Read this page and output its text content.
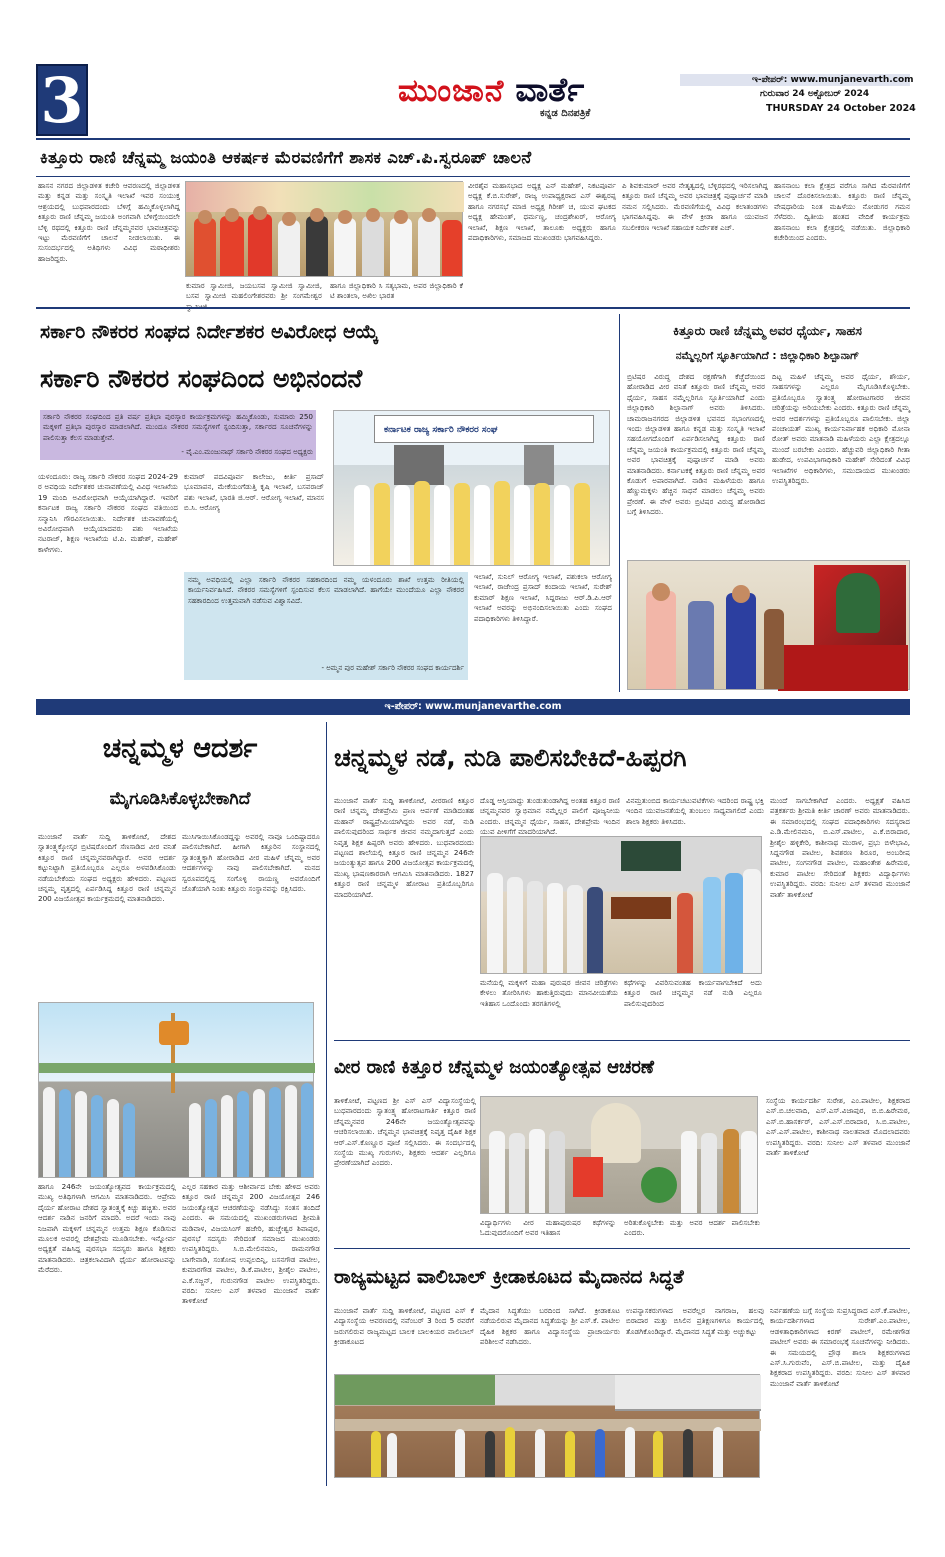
3	ಮುಂಜಾನೆ ವಾರ್ತೆ
ಕನ್ನಡ ದಿನಪತ್ರಿಕೆ
ಇ-ಪೇಪರ್: www.munjanevarth.com
ಗುರುವಾರ 24 ಅಕ್ಟೋಬರ್ 2024
THURSDAY 24 October 2024
ಕಿತ್ತೂರು ರಾಣಿ ಚೆನ್ನಮ್ಮ ಜಯಂತಿ ಆಕರ್ಷಕ ಮೆರವಣಿಗೆಗೆ ಶಾಸಕ ಎಚ್.ಪಿ.ಸ್ವರೂಪ್ ಚಾಲನೆ
ಹಾಸನ ನಗರದ ಜಿಲ್ಲಾಡಳಿತ ಕಚೇರಿ ಆವರಣದಲ್ಲಿ ಜಿಲ್ಲಾಡಳಿತ ಮತ್ತು ಕನ್ನಡ ಮತ್ತು ಸಂಸ್ಕೃತಿ ಇಲಾಖೆ ಇವರ ಸಂಯುಕ್ತ ಆಶ್ರಯದಲ್ಲಿ ಬುಧವಾರದಂದು ಬೆಳಿಗ್ಗೆ ಹಮ್ಮಿಕೊಳ್ಳಲಾಗಿದ್ದ ಕಿತ್ತೂರು ರಾಣಿ ಚೆನ್ನಮ್ಮ ಜಯಂತಿ ಅಂಗವಾಗಿ ಬೆಳಿಗ್ಗೆಯಿಂದಲೇ ಬೆಳ್ಳಿ ರಥದಲ್ಲಿ ಕಿತ್ತೂರು ರಾಣಿ ಚೆನ್ನಮ್ಮನವರ ಭಾವಚಿತ್ರವನ್ನು ಇಟ್ಟು ಮೆರವಣಿಗೆಗೆ ಚಾಲನೆ ನೀಡಲಾಯಿತು. ಈ ಸುಸಂದರ್ಭದಲ್ಲಿ ಅತಿಥಿಗಳು ವಿವಿಧ ಮಠಾಧೀಶರು ಹಾಜರಿದ್ದರು.
ಕುಮಾರ ಸ್ವಾಮೀಜಿ, ಜಯಬಸವ ಸ್ವಾಮೀಜಿ ಸ್ವಾಮೀಜಿ, ಬಸವ ಸ್ವಾಮೀಜಿ ಮಹಲಿಂಗೇಶರವರು ಶ್ರೀ ಸಂಗಮೇಶ್ವರ
ಹಾಗೂ ಜಿಲ್ಲಾಧಿಕಾರಿ ಸಿ ಸತ್ಯಭಾಮ, ಅಪರ ಜಿಲ್ಲಾಧಿಕಾರಿ ಕೆ ಟಿ ಶಾಂತಲಾ, ಅಖಿಲ ಭಾರತ
ವೀರಶೈವ ಮಹಾಸಭಾದ ಅಧ್ಯಕ್ಷ ಎನ್ ಮಹೇಶ್, ನಿಕಟಪೂರ್ವ ಅಧ್ಯಕ್ಷ ಕೆ.ಬಿ.ಸುರೇಶ್, ರಾಜ್ಯ ಉಪಾಧ್ಯಕ್ಷರಾದ ಎಸ್ ಈಶ್ವರಪ್ಪ ಹಾಗೂ ನಗರಸಭೆ ಮಾಜಿ ಅಧ್ಯಕ್ಷ ಗಿರೀಶ್ ಚ, ಯುವ ಘಟಕದ ಅಧ್ಯಕ್ಷ ಹೇಮಂತ್, ಧರ್ಮಣ್ಣ, ಚಂದ್ರಶೇಖರ್, ಆರೋಗ್ಯ ಇಲಾಖೆ, ಶಿಕ್ಷಣ ಇಲಾಖೆ, ತಾಲೂಕು ಅಧ್ಯಕ್ಷರು ಹಾಗೂ ಪದಾಧಿಕಾರಿಗಳು, ಸಮಾಜದ ಮುಖಂಡರು ಭಾಗವಹಿಸಿದ್ದರು.
ಪಿ ಶಿವಕುಮಾರ್ ಅವರ ನೇತೃತ್ವದಲ್ಲಿ ಬೆಳ್ಳಿರಥದಲ್ಲಿ ಇರಿಸಲಾಗಿದ್ದ ಕಿತ್ತೂರು ರಾಣಿ ಚೆನ್ನಮ್ಮ ಅವರ ಭಾವಚಿತ್ರಕ್ಕೆ ಪುಷ್ಪಾರ್ಚನೆ ಮಾಡಿ ನಮನ ಸಲ್ಲಿಸಿದರು. ಮೆರವಣಿಗೆಯಲ್ಲಿ ವಿವಿಧ ಕಲಾತಂಡಗಳು ಭಾಗವಹಿಸಿದ್ದವು. ಈ ವೇಳೆ ಕ್ರೀಡಾ ಹಾಗೂ ಯುವಜನ ಸಬಲೀಕರಣ ಇಲಾಖೆ ಸಹಾಯಕ ನಿರ್ದೇಶಕ ಎಚ್.
ಹಾಸನಾಂಬ ಕಲಾ ಕ್ಷೇತ್ರದ ವರೆಗೂ ಸಾಗಿದ ಮೆರವಣಿಗೆಗೆ ಚಾಲನೆ ದೊರಕಿಸಲಾಯಿತು. ಕಿತ್ತೂರು ರಾಣಿ ಚೆನ್ನಮ್ಮ ವೇಷಧಾರಿಯ ನಿಂತ ಮಹಿಳೆಯು ನೋಡುಗರ ಗಮನ ಸೆಳೆದರು. ದ್ವಿತೀಯ ಹಂತದ ವೇದಿಕೆ ಕಾರ್ಯಕ್ರಮ ಹಾಸನಾಂಬ ಕಲಾ ಕ್ಷೇತ್ರದಲ್ಲಿ ನಡೆಯಿತು. ಜಿಲ್ಲಾಧಿಕಾರಿ ಕಚೇರಿಯಿಂದ ಎಂದರು.
ಸರ್ಕಾರಿ ನೌಕರರ ಸಂಘದ ನಿರ್ದೇಶಕರ ಅವಿರೋಧ ಆಯ್ಕೆ
ಸರ್ಕಾರಿ ನೌಕರರ ಸಂಘದಿಂದ ಅಭಿನಂದನೆ
ಸರ್ಕಾರಿ ನೌಕರರ ಸಂಘದಿಂದ ಪ್ರತಿ ವರ್ಷ ಪ್ರತಿಭಾ ಪುರಸ್ಕಾರ ಕಾರ್ಯಕ್ರಮಗಳನ್ನು ಹಮ್ಮಿಕೊಂಡು, ಸುಮಾರು 250 ಮಕ್ಕಳಿಗೆ ಪ್ರತಿಭಾ ಪುರಸ್ಕಾರ ಮಾಡಲಾಗಿದೆ. ಮುಂದೂ ನೌಕರರ ಸಮಸ್ಯೆಗಳಿಗೆ ಸ್ಪಂದಿಸುತ್ತಾ, ಸರ್ಕಾರದ ಸೂಚನೆಗಳನ್ನು ಪಾಲಿಸುತ್ತಾ ಕೆಲಸ ಮಾಡುತ್ತೇವೆ.
- ವೈ.ಎಂ.ಮಂಜುನಾಥ್ ಸರ್ಕಾರಿ ನೌಕರರ ಸಂಘದ ಅಧ್ಯಕ್ಷರು
ಕರ್ನಾಟಕ ರಾಜ್ಯ ಸರ್ಕಾರಿ ನೌಕರರ ಸಂಘ
ಯಳಂದೂರು: ರಾಜ್ಯ ಸರ್ಕಾರಿ ನೌಕರರ ಸಂಘದ 2024-29 ರ ಅವಧಿಯ ನಿರ್ದೇಶಕರ ಚುನಾವಣೆಯಲ್ಲಿ ವಿವಿಧ ಇಲಾಖೆಯ 19 ಮಂದಿ ಅವಿರೋಧವಾಗಿ ಆಯ್ಕೆಯಾಗಿದ್ದಾರೆ. ಇವರಿಗೆ ಕರ್ನಾಟಕ ರಾಜ್ಯ ಸರ್ಕಾರಿ ನೌಕರರ ಸಂಘದ ವತಿಯಿಂದ ಸನ್ಮಾನಿಸಿ ಗೌರವಿಸಲಾಯಿತು. ನಿರ್ದೇಶಕ ಚುನಾವಣೆಯಲ್ಲಿ ಅವಿರೋಧವಾಗಿ ಆಯ್ಕೆಯಾದವರು ಪಶು ಇಲಾಖೆಯ ನಟರಾಜ್, ಶಿಕ್ಷಣ ಇಲಾಖೆಯ ಟಿ.ಪಿ. ಮಹೇಶ್, ಮಹೇಶ್ ಕಾಳೇಗಳು.
ಕುಮಾರ್ ಪದವಿಪೂರ್ವ ಕಾಲೇಜು, ಕೀರ್ತಿ ಪ್ರಸಾದ್ ಭೂಮಾಪನ, ಮೇಕೆಯಂಗೆಡುತ್ತಿ ಕೃಷಿ ಇಲಾಖೆ, ಬಸವರಾಜ್ ಪಶು ಇಲಾಖೆ, ಭಾರತಿ ಜಿ.ಆರ್. ಆರೋಗ್ಯ ಇಲಾಖೆ, ಮಾನಸ ಬಿ.ಸಿ. ಆರೋಗ್ಯ
ನಮ್ಮ ಅವಧಿಯಲ್ಲಿ ಎಲ್ಲಾ ಸರ್ಕಾರಿ ನೌಕರರ ಸಹಕಾರದಿಂದ ನಮ್ಮ ಯಳಂದೂರು ಶಾಖೆ ಉತ್ತಮ ರೀತಿಯಲ್ಲಿ ಕಾರ್ಯನಿರ್ವಹಿಸಿದೆ. ನೌಕರರ ಸಮಸ್ಯೆಗಳಿಗೆ ಸ್ಪಂದಿಸುವ ಕೆಲಸ ಮಾಡಲಾಗಿದೆ. ಹಾಗೆಯೇ ಮುಂದೆಯೂ ಎಲ್ಲಾ ನೌಕರರ ಸಹಕಾರದಿಂದ ಉತ್ತಮವಾಗಿ ನಡೆಸುವ ವಿಶ್ವಾಸವಿದೆ.
- ಅಮ್ಮನ ಪುರ ಮಹೇಶ್ ಸರ್ಕಾರಿ ನೌಕರರ ಸಂಘದ ಕಾರ್ಯದರ್ಶಿ
ಇಲಾಖೆ, ಸುನಿಲ್ ಆರೋಗ್ಯ ಇಲಾಖೆ, ಪಶುಕಲಾ ಆರೋಗ್ಯ ಇಲಾಖೆ, ರಾಜೇಂದ್ರ ಪ್ರಸಾದ್ ಕಂದಾಯ ಇಲಾಖೆ, ಸುರೇಶ್ ಕುಮಾರ್ ಶಿಕ್ಷಣ ಇಲಾಖೆ, ಸಿದ್ದರಾಜು ಆರ್.ಡಿ.ಪಿ.ಆರ್ ಇಲಾಖೆ ಅವರನ್ನು ಅಭಿನಂದಿಸಲಾಯಿತು ಎಂದು ಸಂಘದ ಪದಾಧಿಕಾರಿಗಳು ತಿಳಿಸಿದ್ದಾರೆ.
ಕಿತ್ತೂರು ರಾಣಿ ಚೆನ್ನಮ್ಮ ಅವರ ಧೈರ್ಯ, ಸಾಹಸ
ನಮ್ಮೆಲ್ಲರಿಗೆ ಸ್ಫೂರ್ತಿಯಾಗಿದೆ : ಜಿಲ್ಲಾಧಿಕಾರಿ ಶಿಲ್ಪಾನಾಗ್
ಬ್ರಿಟಿಷರ ವಿರುದ್ಧ ದೇಶದ ರಕ್ಷಣೆಗಾಗಿ ಕೆಚ್ಚೆದೆಯಿಂದ ಹೋರಾಡಿದ ವೀರ ವನಿತೆ ಕಿತ್ತೂರು ರಾಣಿ ಚೆನ್ನಮ್ಮ ಅವರ ಧೈರ್ಯ, ಸಾಹಸ ನಮ್ಮೆಲ್ಲರಿಗೂ ಸ್ಫೂರ್ತಿಯಾಗಿದೆ ಎಂದು ಜಿಲ್ಲಾಧಿಕಾರಿ ಶಿಲ್ಪಾನಾಗ್ ಅವರು ತಿಳಿಸಿದರು. ಚಾಮರಾಜನಗರದ ಜಿಲ್ಲಾಡಳಿತ ಭವನದ ಸಭಾಂಗಣದಲ್ಲಿ ಇಂದು ಜಿಲ್ಲಾಡಳಿತ ಹಾಗೂ ಕನ್ನಡ ಮತ್ತು ಸಂಸ್ಕೃತಿ ಇಲಾಖೆ ಸಹಯೋಗದೊಂದಿಗೆ ಏರ್ಪಡಿಸಲಾಗಿದ್ದ ಕಿತ್ತೂರು ರಾಣಿ ಚೆನ್ನಮ್ಮ ಜಯಂತಿ ಕಾರ್ಯಕ್ರಮದಲ್ಲಿ ಕಿತ್ತೂರು ರಾಣಿ ಚೆನ್ನಮ್ಮ ಅವರ ಭಾವಚಿತ್ರಕ್ಕೆ ಪುಷ್ಪಾರ್ಚನೆ ಮಾಡಿ ಅವರು ಮಾತನಾಡಿದರು. ಕರ್ನಾಟಕಕ್ಕೆ ಕಿತ್ತೂರು ರಾಣಿ ಚೆನ್ನಮ್ಮ ಅವರ ಕೊಡುಗೆ ಅಪಾರವಾಗಿದೆ. ನಾಡಿನ ಮಹಿಳೆಯರು ಹಾಗೂ ಹೆಣ್ಣುಮಕ್ಕಳು ಹೆಚ್ಚಿನ ಸಾಧನೆ ಮಾಡಲು ಚೆನ್ನಮ್ಮ ಅವರು ಪ್ರೇರಣೆ. ಈ ವೇಳೆ ಅವರು ಬ್ರಿಟಿಷರ ವಿರುದ್ಧ ಹೋರಾಡಿದ ಬಗ್ಗೆ ತಿಳಿಸಿದರು.
ದಿಟ್ಟ ಮಹಿಳೆ ಚೆನ್ನಮ್ಮ ಅವರ ಧೈರ್ಯ, ಶೌರ್ಯ, ಸಾಹಸಗಳನ್ನು ಎಲ್ಲರೂ ಮೈಗೂಡಿಸಿಕೊಳ್ಳಬೇಕು. ಪ್ರತಿಯೊಬ್ಬರೂ ಸ್ವಾತಂತ್ರ್ಯ ಹೋರಾಟಗಾರರ ಜೀವನ ಚರಿತ್ರೆಯನ್ನು ಅರಿಯಬೇಕು ಎಂದರು. ಕಿತ್ತೂರು ರಾಣಿ ಚೆನ್ನಮ್ಮ ಅವರ ಆದರ್ಶಗಳನ್ನು ಪ್ರತಿಯೊಬ್ಬರೂ ಪಾಲಿಸಬೇಕು. ಜಿಲ್ಲಾ ಪಂಚಾಯತ್ ಮುಖ್ಯ ಕಾರ್ಯನಿರ್ವಾಹಕ ಅಧಿಕಾರಿ ಮೋನಾ ರೋತ್ ಅವರು ಮಾತನಾಡಿ ಮಹಿಳೆಯರು ಎಲ್ಲಾ ಕ್ಷೇತ್ರದಲ್ಲೂ ಮುಂದೆ ಬರಬೇಕು ಎಂದರು. ಹೆಚ್ಚುವರಿ ಜಿಲ್ಲಾಧಿಕಾರಿ ಗೀತಾ ಹುಡೇದ, ಉಪವಿಭಾಗಾಧಿಕಾರಿ ಮಹೇಶ್ ಸೇರಿದಂತೆ ವಿವಿಧ ಇಲಾಖೆಗಳ ಅಧಿಕಾರಿಗಳು, ಸಮುದಾಯದ ಮುಖಂಡರು ಉಪಸ್ಥಿತರಿದ್ದರು.
ಇ-ಪೇಪರ್: www.munjanevarthe.com
ಚನ್ನಮ್ಮಳ ಆದರ್ಶ
ಮೈಗೂಡಿಸಿಕೊಳ್ಳಬೇಕಾಗಿದೆ
ಮುಂಜಾನೆ ವಾರ್ತೆ ಸುದ್ದಿ ತಾಳಿಕೋಟೆ, ದೇಶದ ಸ್ವಾತಂತ್ರ್ಯಕ್ಕೋಸ್ಕರ ಬ್ರಿಟಿಷರೊಂದಿಗೆ ಸೆಣಸಾಡಿದ ವೀರ ವನಿತೆ ಕಿತ್ತೂರ ರಾಣಿ ಚನ್ನಮ್ಮನವರಾಗಿದ್ದಾರೆ. ಅವರ ಆದರ್ಶ ಕಟ್ಟುನಿಟ್ಟಾಗಿ ಪ್ರತಿಯೊಬ್ಬರೂ ಎಲ್ಲರೂ ಅಳವಡಿಸಿಕೊಂಡು ನಡೆಯಬೇಕೆಂದು ಸಂಘದ ಅಧ್ಯಕ್ಷರು ಹೇಳಿದರು. ಪಟ್ಟಣದ ಚನ್ನಮ್ಮ ವೃತ್ತದಲ್ಲಿ ಏರ್ಪಡಿಸಿದ್ದ ಕಿತ್ತೂರ ರಾಣಿ ಚನ್ನಮ್ಮನ 200 ವಿಜಯೋತ್ಸವ ಕಾರ್ಯಕ್ರಮದಲ್ಲಿ ಮಾತನಾಡಿದರು.
ಮುಸಿಗಾಯಿಸಿಕೊಂಡದ್ದನ್ನು ಅವರಲ್ಲಿ ನಾವೂ ಒಂದಿಷ್ಟಾದರೂ ಪಾಲಿಸಬೇಕಾಗಿದೆ. ಹೀಗಾಗಿ ಕಿತ್ತೂರಿನ ಸಂಸ್ಥಾನದಲ್ಲಿ ಸ್ವಾತಂತ್ರ್ಯಕ್ಕಾಗಿ ಹೋರಾಡಿದ ವೀರ ಮಹಿಳೆ ಚೆನ್ನಮ್ಮ ಅವರ ಆದರ್ಶಗಳನ್ನು ನಾವು ಪಾಲಿಸಬೇಕಾಗಿದೆ. ಮನದ ಸ್ವರೂಪದಲ್ಲಿದ್ದ ಸಂಗೊಳ್ಳಿ ರಾಯಣ್ಣ ಅವರೊಂದಿಗೆ ಜೊತೆಯಾಗಿ ನಿಂತು ಕಿತ್ತೂರು ಸಂಸ್ಥಾನವನ್ನು ರಕ್ಷಿಸಿದರು.
ಹಾಗೂ 246ನೇ ಜಯಂತ್ಯೋತ್ಸವದ ಕಾರ್ಯಕ್ರಮದಲ್ಲಿ ಮುಖ್ಯ ಅತಿಥಿಗಳಾಗಿ ಆಗಮಿಸಿ ಮಾತನಾಡಿದರು. ಆಪ್ರೇಮ ದೈರ್ಯ ಹೋರಾಟ ದೇಶದ ಸ್ವಾತಂತ್ರ್ಯಕ್ಕೆ ಕಿಚ್ಚು ಹಚ್ಚಿತು. ಅವರ ಆದರ್ಶ ನಾಡಿನ ಜನರಿಗೆ ಮಾದರಿ. ಅದರೆ ಇಂದು ನಾವು ನಿಜವಾಗಿ ಮಕ್ಕಳಿಗೆ ಚನ್ನಮ್ಮನ ಉತ್ತಮ ಶಿಕ್ಷಣ ಕೊಡಿಸುವ ಮೂಲಕ ಅವರಲ್ಲಿ ದೇಶಪ್ರೇಮ ಮೂಡಿಸಬೇಕು. ಇನ್ನೋರ್ವ ಅಧ್ಯಕ್ಷತೆ ವಹಿಸಿದ್ದ ಪುರಸಭಾ ಸದಸ್ಯರು ಹಾಗೂ ಶಿಕ್ಷಕರು ಮಾತನಾಡಿದರು. ಚಿತ್ರಕಲಾವಿದಾಗಿ ಧೈರ್ಯ ಹೋರಾಟವನ್ನು ಮೆರೆದರು.
ಎಲ್ಲರ ಸಹಕಾರ ಮತ್ತು ಆಶೀರ್ವಾದ ಬೇಕು ಹೇಳಿದ ಅವರು ಕಿತ್ತೂರ ರಾಣಿ ಚನ್ನಮ್ಮನ 200 ವಿಜಯೋತ್ಸವ 246 ಜಯಂತ್ಯೋತ್ಸವ ಆಚರಣೆಯನ್ನು ನಡೆಸಿದ್ದು ಸಂತಸ ತಂದಿದೆ ಎಂದರು. ಈ ಸಮಯದಲ್ಲಿ ಮುಖಂಡರುಗಳಾದ ಶ್ರೀಮತಿ ಮಡಿವಾಳ, ವಿಜಯಸಿಂಗ್ ಹಜೇರಿ, ಹುಚ್ಚೇಶ್ವರ ಶಿವಾಪುರ, ಪುರಸಭೆ ಸದಸ್ಯರು ಸೇರಿದಂತೆ ಸಮಾಜದ ಮುಖಂಡರು ಉಪಸ್ಥಿತರಿದ್ದರು. ಸಿ.ಬಿ.ಮೇಲಿನಮನಿ, ರಾಮನಗೌಡ ಬಾಗೇವಾಡಿ, ಸಂತೋಷ ಉಪ್ಪಲದಿನ್ನಿ, ಬಸನಗೌಡ ಪಾಟೀಲ, ಕುಮಾರಗೌಡ ಪಾಟೀಲ, ಡಿ.ಕೆ.ಪಾಟೀಲ, ಶ್ರೀಶೈಲ ಪಾಟೀಲ, ಎ.ಕೆ.ಸಜ್ಜನ್, ಗುರುನಗೌಡ ಪಾಟೀಲ ಉಪಸ್ಥಿತರಿದ್ದರು. ವರದಿ: ಸುನೀಲ ಎಸ್ ತಳವಾರ ಮುಂಜಾನೆ ವಾರ್ತೆ ತಾಳಿಕೋಟೆ
ಚನ್ನಮ್ಮಳ ನಡೆ, ನುಡಿ ಪಾಲಿಸಬೇಕಿದೆ-ಹಿಪ್ಪರಗಿ
ಮುಂಜಾನೆ ವಾರ್ತೆ ಸುದ್ದಿ ತಾಳಿಕೋಟೆ, ವೀರರಾಣಿ ಕಿತ್ತೂರ ರಾಣಿ ಚನ್ನಮ್ಮ ದೇಶಪ್ರೇಮಿ ಪ್ರಾಣ ಆರ್ಪಣೆ ಮಾಡಿದಂತಹ ಮಹಾನ್ ರಾಷ್ಟ್ರಪ್ರೇಮಿಯಾಗಿದ್ದರು ಅವರ ನಡೆ, ನುಡಿ ಪಾಲಿಸುವುದರಿಂದ ಸಾರ್ಥಕ ಜೀವನ ನಮ್ಮದಾಗುತ್ತದೆ ಎಂದು ನಿವೃತ್ತ ಶಿಕ್ಷಕ ಹಿಪ್ಪರಗಿ ಅವರು ಹೇಳಿದರು. ಬುಧವಾರದಂದು ಪಟ್ಟಣದ ಶಾಲೆಯಲ್ಲಿ ಕಿತ್ತೂರ ರಾಣಿ ಚನ್ನಮ್ಮನ 246ನೇ ಜಯಂತ್ಯುತ್ಸವ ಹಾಗೂ 200 ವಿಜಯೋತ್ಸವ ಕಾರ್ಯಕ್ರಮದಲ್ಲಿ ಮುಖ್ಯ ಭಾಷಣಕಾರರಾಗಿ ಆಗಮಿಸಿ ಮಾತನಾಡಿದರು. 1827 ಕಿತ್ತೂರ ರಾಣಿ ಚನ್ನಮ್ಮಳ ಹೋರಾಟ ಪ್ರತಿಯೊಬ್ಬರಿಗೂ ಮಾದರಿಯಾಗಿದೆ.
ದೊಡ್ಡ ಆಸ್ತಿಯಾದ್ದು ತುಂಡುತುಂಡಾಗಿದ್ದ ಅಂತಹ ಕಿತ್ತೂರ ರಾಣಿ ಚನ್ನಮ್ಮನವರ ಸ್ವಾಭಿಮಾನ ನಮ್ಮೆಲ್ಲರ ಪಾಲಿಗೆ ಪೂಜ್ಯನೀಯ ಎಂದರು. ಚನ್ನಮ್ಮನ ಧೈರ್ಯ, ಸಾಹಸ, ದೇಶಪ್ರೇಮ ಇಂದಿನ ಯುವ ಪೀಳಿಗೆಗೆ ಮಾದರಿಯಾಗಿದೆ.
ವಿನಮ್ರತುಂಬಿದ ಕಾರ್ಯಚಟುವಟಿಕೆಗಳು ಇದರಿಂದ ರಾಷ್ಟ್ರ ಭಕ್ತಿ ಇಂದಿನ ಯುವಜನತೆಯಲ್ಲಿ ತುಂಬಲು ಸಾಧ್ಯವಾಗಲಿದೆ ಎಂದು ಶಾಲಾ ಶಿಕ್ಷಕರು ತಿಳಿಸಿದರು.
ಮುಂದೆ ಸಾಗಬೇಕಾಗಿದೆ ಎಂದರು. ಅಧ್ಯಕ್ಷತೆ ವಹಿಸಿದ ಪತ್ರಕರ್ತರು ಶ್ರೀಮತಿ ಕೀರ್ತಿ ಚಾರಣ್ ಅವರು ಮಾತನಾಡಿದರು. ಈ ಸಮಾರಂಭದಲ್ಲಿ ಸಂಘದ ಪದಾಧಿಕಾರಿಗಳು ಸದಸ್ಯರಾದ ಎ.ಡಿ.ಮೇಲಿನಮನಿ, ಬಿ.ಎಸ್.ಪಾಟೀಲ, ಎ.ಕೆ.ಬಿರಾದಾರ, ಶ್ರೀಶೈಲ ಹಳ್ಳಿಕೇರಿ, ಕಾಶೀನಾಥ ಮುರಾಳ, ಪ್ರಭು ಬಿಳೇಭಾವಿ, ಸಿದ್ದನಗೌಡ ಪಾಟೀಲ, ಶಿವಶರಣ ಶಿರೂರ, ಅಂಬರೀಷ ಪಾಟೀಲ, ಸಂಗನಗೌಡ ಪಾಟೀಲ, ಮಹಾಂತೇಶ ಹಿರೇಮಠ, ಕುಮಾರ ಪಾಟೀಲ ಸೇರಿದಂತೆ ಶಿಕ್ಷಕರು ವಿದ್ಯಾರ್ಥಿಗಳು ಉಪಸ್ಥಿತರಿದ್ದರು. ವರದಿ: ಸುನೀಲ ಎಸ್ ತಳವಾರ ಮುಂಜಾನೆ ವಾರ್ತೆ ತಾಳಿಕೋಟೆ
ಮನೆಯಲ್ಲಿ ಮಕ್ಕಳಿಗೆ ಮಹಾ ಪುರುಷರ ಜೀವನ ಚರಿತ್ರೆಗಳು ಕೇಳಲು ತೋರಿಸಿಗಳು ಹಾಕುತ್ತಿರುವುದು ಮಾನವೀಯತೆಯ ಇತಿಹಾಸ ಒಂದೊಂದು ತರಗತಿಗಳಲ್ಲಿ
ಕಥೆಗಳನ್ನು ವಿವರಿಸುವಂತಹ ಕಾರ್ಯವಾಗಬೇಕಿದೆ ಅದು ಕಿತ್ತೂರ ರಾಣಿ ಚನ್ನಮ್ಮನ ನಡೆ ನುಡಿ ಎಲ್ಲರೂ ಪಾಲಿಸುವುದರಿಂದ
ವೀರ ರಾಣಿ ಕಿತ್ತೂರ ಚೆನ್ನಮ್ಮಳ ಜಯಂತ್ಯೋತ್ಸವ ಆಚರಣೆ
ತಾಳಿಕೋಟೆ, ಪಟ್ಟಣದ ಶ್ರೀ ಎಸ್ ಎಸ್ ವಿದ್ಯಾಸಂಸ್ಥೆಯಲ್ಲಿ ಬುಧವಾರದಂದು ಸ್ವಾತಂತ್ರ್ಯ ಹೋರಾಟಗಾರ್ತಿ ಕಿತ್ತೂರ ರಾಣಿ ಚೆನ್ನಮ್ಮನವರ 246ನೇ ಜಯಂತ್ಯೋತ್ಸವವನ್ನು ಆಚರಿಸಲಾಯಿತು. ಚೆನ್ನಮ್ಮನ ಭಾವಚಿತ್ರಕ್ಕೆ ನಿವೃತ್ತ ದೈಹಿಕ ಶಿಕ್ಷಕ ಆರ್.ಎಸ್.ಕೊಣ್ಣೂರ ಪೂಜೆ ಸಲ್ಲಿಸಿದರು. ಈ ಸಂದರ್ಭದಲ್ಲಿ ಸಂಸ್ಥೆಯ ಮುಖ್ಯ ಗುರುಗಳು, ಶಿಕ್ಷಕರು ಆದರ್ಶ ಎಲ್ಲರಿಗೂ ಪ್ರೇರಣೆಯಾಗಿದೆ ಎಂದರು.
ವಿದ್ಯಾರ್ಥಿಗಳು ವೀರ ಮಹಾಪುರುಷರ ಕಥೆಗಳನ್ನು ಓದುವುದರೊಂದಿಗೆ ಅವರ ಇತಿಹಾಸ
ಅರಿತುಕೊಳ್ಳಬೇಕು ಮತ್ತು ಅವರ ಆದರ್ಶ ಪಾಲಿಸಬೇಕು ಎಂದರು.
ಸಂಸ್ಥೆಯ ಕಾರ್ಯದರ್ಶಿ ಸುರೇಶ, ಎಂ.ಪಾಟೀಲ, ಶಿಕ್ಷಕರಾದ ಎಸ್.ಬಿ.ಚಲವಾದಿ, ಎಸ್.ಎಸ್.ವಿಜಾಪುರ, ಬಿ.ಬಿ.ಹಿರೇಮಠ, ಎಸ್.ಬಿ.ಹಾಸರ್ಕರ್, ಎಸ್.ಎಸ್.ಬಿರಾದಾರ, ಸಿ.ಬಿ.ಪಾಟೀಲ, ಎಸ್.ಎಸ್.ಪಾಟೀಲ, ಕಾಶೀನಾಥ ನಾಲತವಾಡ ಮೊದಲಾದವರು ಉಪಸ್ಥಿತರಿದ್ದರು. ವರದಿ: ಸುನೀಲ ಎಸ್ ತಳವಾರ ಮುಂಜಾನೆ ವಾರ್ತೆ ತಾಳಿಕೋಟೆ
ರಾಜ್ಯಮಟ್ಟದ ವಾಲಿಬಾಲ್ ಕ್ರೀಡಾಕೂಟದ ಮೈದಾನದ ಸಿದ್ಧತೆ
ಮುಂಜಾನೆ ವಾರ್ತೆ ಸುದ್ದಿ ತಾಳಿಕೋಟೆ, ಪಟ್ಟಣದ ಎಸ್ ಕೆ ವಿದ್ಯಾಸಂಸ್ಥೆಯ ಆವರಣದಲ್ಲಿ ನವೆಂಬರ್ 3 ರಿಂದ 5 ರವರೆಗೆ ಜರುಗಲಿರುವ ರಾಜ್ಯಮಟ್ಟದ ಬಾಲಕ ಬಾಲಕಿಯರ ವಾಲಿಬಾಲ್ ಕ್ರೀಡಾಕೂಟದ
ಮೈದಾನ ಸಿದ್ಧತೆಯು ಬರದಿಂದ ಸಾಗಿದೆ. ಕ್ರೀಡಾಕೂಟ ನಡೆಯಲಿರುವ ಮೈದಾನದ ಸಿದ್ಧತೆಯನ್ನು ಶ್ರೀ ಎಸ್.ಕೆ. ಪಾಟೀಲ ದೈಹಿಕ ಶಿಕ್ಷಕರ ಹಾಗೂ ವಿದ್ಯಾಸಂಸ್ಥೆಯ ಪ್ರಾಚಾರ್ಯರು ಪರಿಶೀಲನೆ ನಡೆಸಿದರು.
ಉಪನ್ಯಾಸಕರುಗಳಾದ ಅವರೆಲ್ಲರ ನಾಗರಾಜ, ಹಲವು ಬಿರಾದಾರ ಮತ್ತು ಬಿಸಿಲಿನ ಪ್ರತಿಕ್ಷಣಗಳಿಗೂ ಕಾರ್ಯದಲ್ಲಿ ತೊಡಗಿಕೊಂಡಿದ್ದಾರೆ. ಮೈದಾನದ ಸಿದ್ಧತೆ ಮತ್ತು ಅಚ್ಚುಕಟ್ಟು
ನಿರ್ವಹಣೆಯ ಬಗ್ಗೆ ಸಂಸ್ಥೆಯ ಸುಪ್ರಸಿದ್ಧರಾದ ಎಸ್.ಕೆ.ಪಾಟೀಲ, ಕಾರ್ಯದರ್ಶಿಗಳಾದ ಸುರೇಶ್.ಎಂ.ಪಾಟೀಲ, ಆಡಳಿತಾಧಿಕಾರಿಗಳಾದ ಕಿರಣ್ ಪಾಟೀಲ್, ರಮೇಶಗೌಡ ಪಾಟೀಲ್ ಅವರು ಈ ಸಮಾರಂಭಕ್ಕೆ ಸೂಚನೆಗಳನ್ನು ನೀಡಿದರು. ಈ ಸಮಯದಲ್ಲಿ ಪ್ರೌಢ ಶಾಲಾ ಶಿಕ್ಷಕರುಗಳಾದ ಎಸ್.ಸಿ.ಗುರುವೆಂ, ಎಸ್.ಬಿ.ಪಾಟೀಲ, ಮತ್ತು ದೈಹಿಕ ಶಿಕ್ಷಕರಾದ ಉಪಸ್ಥಿತರಿದ್ದರು. ವರದಿ: ಸುನೀಲ ಎಸ್ ತಳವಾರ ಮುಂಜಾನೆ ವಾರ್ತೆ ತಾಳಿಕೋಟೆ
